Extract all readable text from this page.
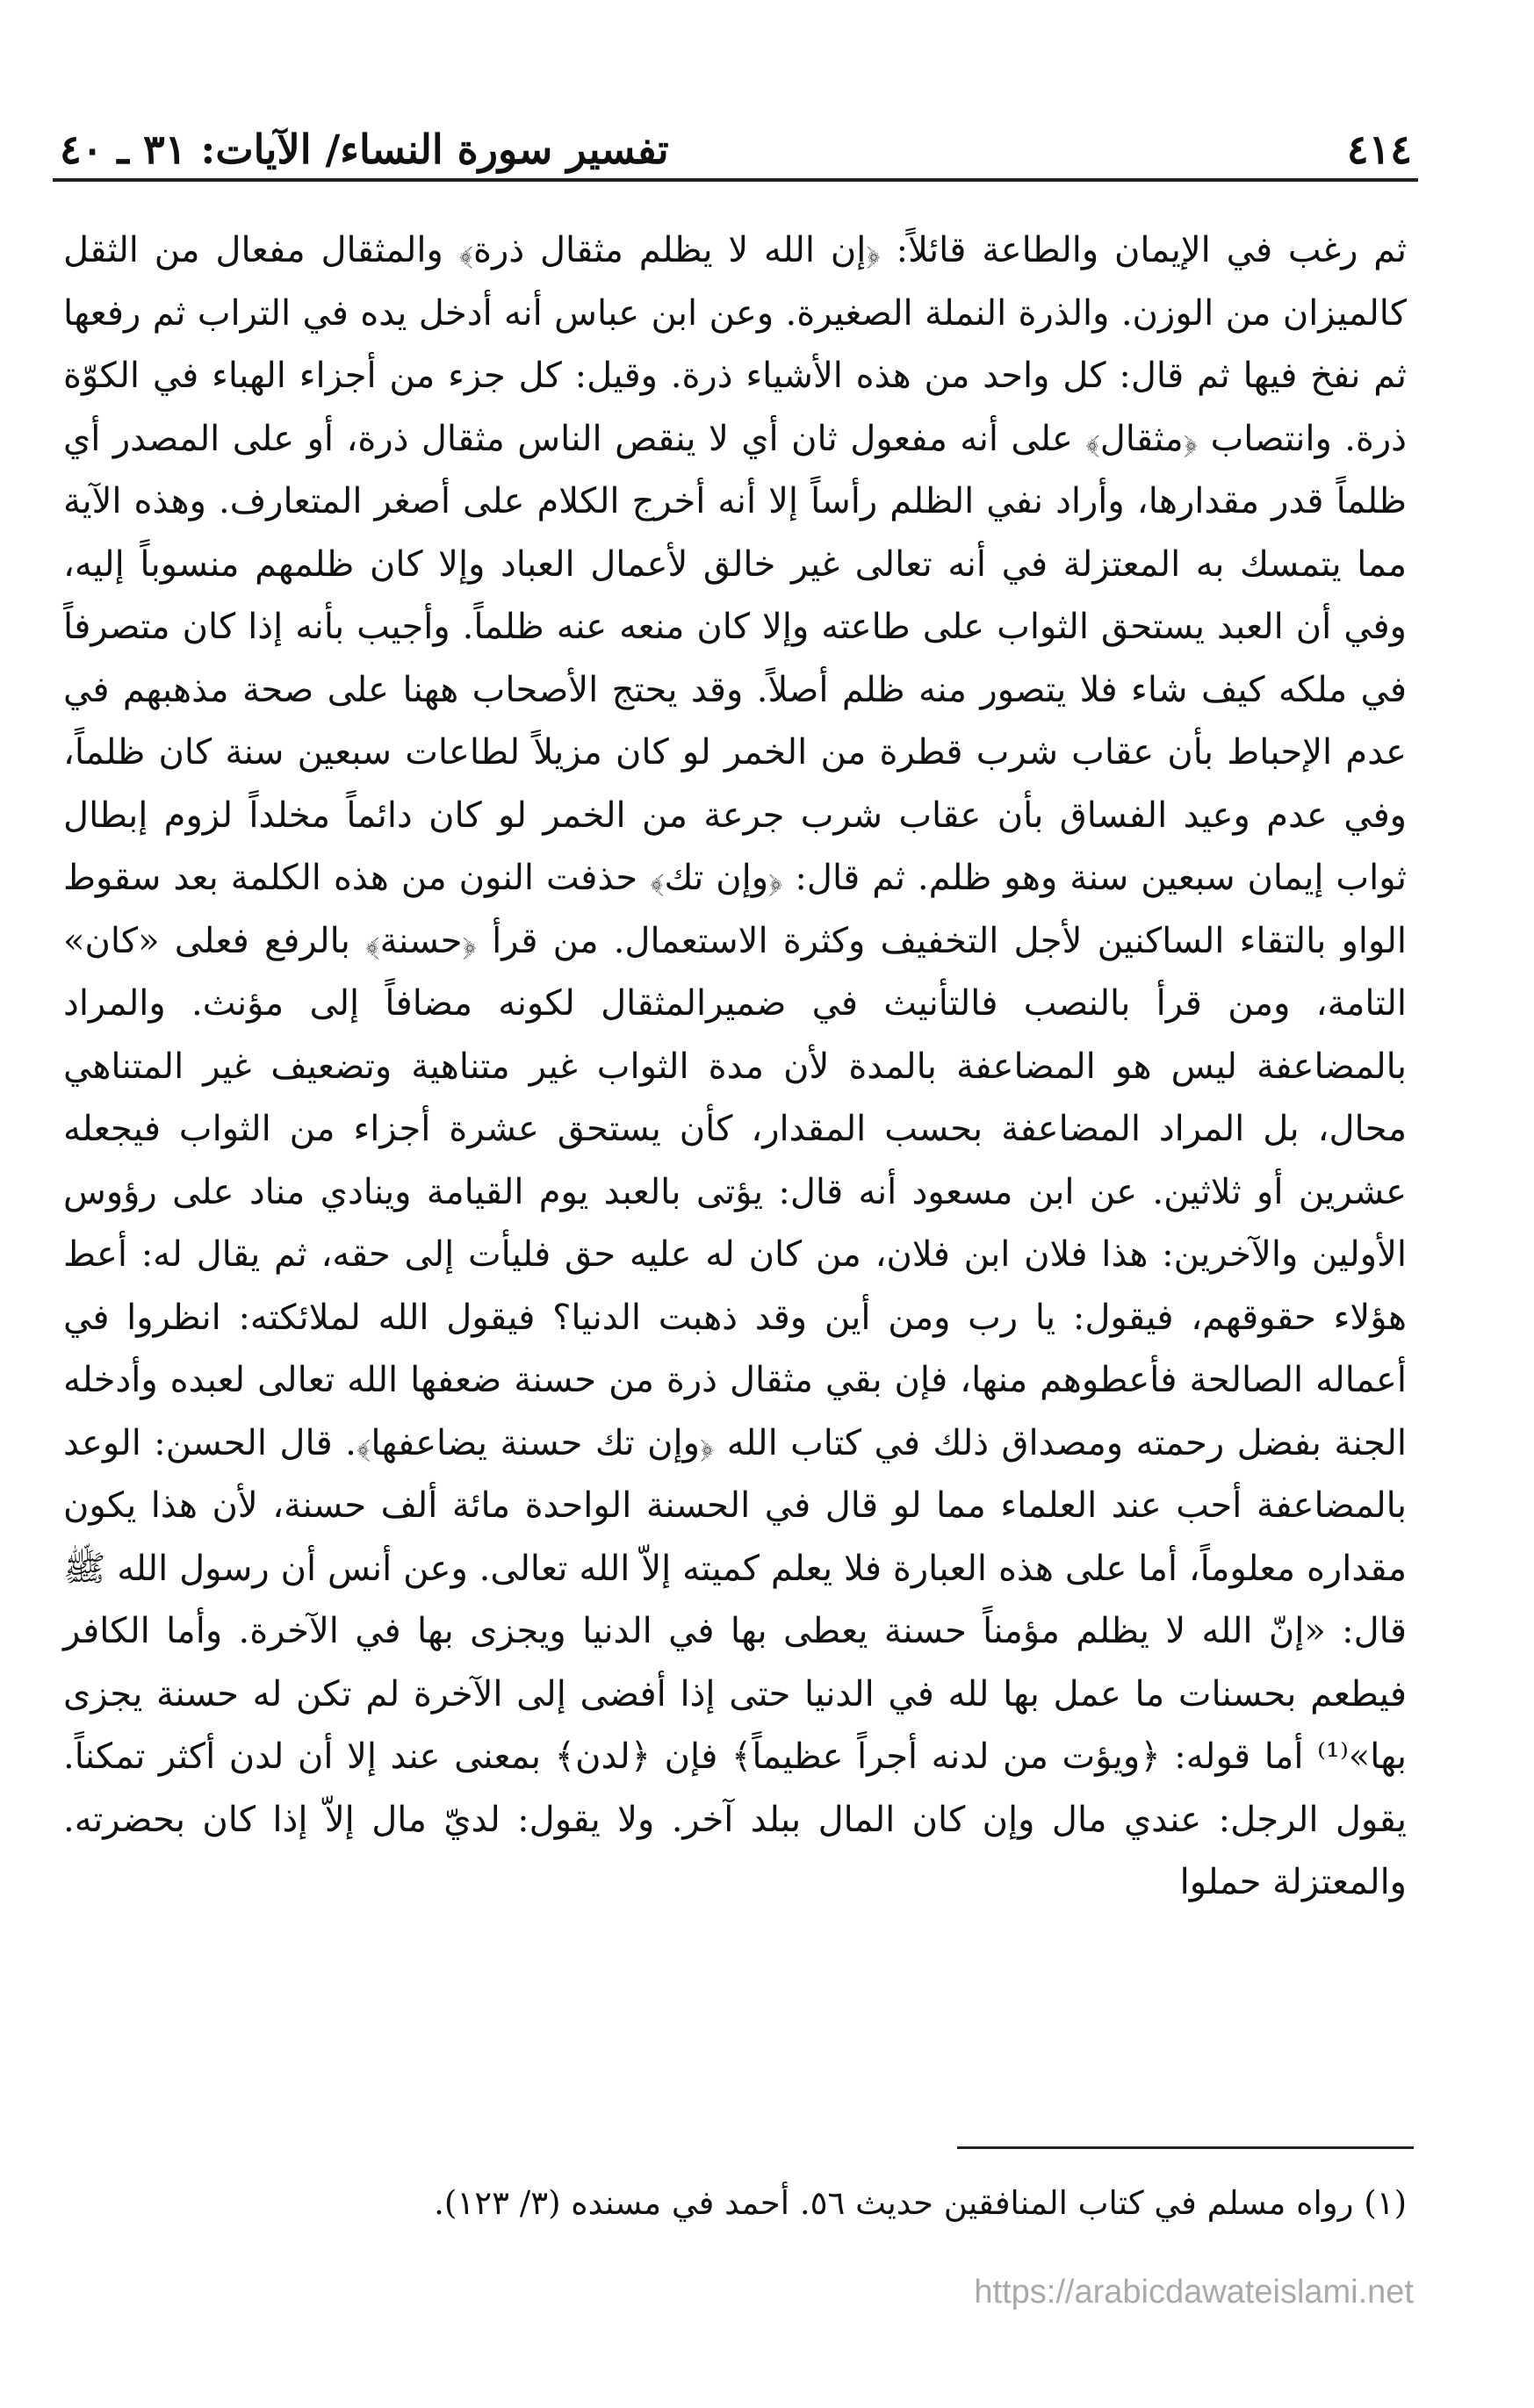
٤١٤
تفسير سورة النساء/ الآيات: ٣١ ـ ٤٠

ثم رغب في الإيمان والطاعة قائلاً: ﴿إن الله لا يظلم مثقال ذرة﴾ والمثقال مفعال من الثقل كالميزان من الوزن. والذرة النملة الصغيرة. وعن ابن عباس أنه أدخل يده في التراب ثم رفعها ثم نفخ فيها ثم قال: كل واحد من هذه الأشياء ذرة. وقيل: كل جزء من أجزاء الهباء في الكوّة ذرة. وانتصاب ﴿مثقال﴾ على أنه مفعول ثان أي لا ينقص الناس مثقال ذرة، أو على المصدر أي ظلماً قدر مقدارها، وأراد نفي الظلم رأساً إلا أنه أخرج الكلام على أصغر المتعارف. وهذه الآية مما يتمسك به المعتزلة في أنه تعالى غير خالق لأعمال العباد وإلا كان ظلمهم منسوباً إليه، وفي أن العبد يستحق الثواب على طاعته وإلا كان منعه عنه ظلماً. وأجيب بأنه إذا كان متصرفاً في ملكه كيف شاء فلا يتصور منه ظلم أصلاً. وقد يحتج الأصحاب ههنا على صحة مذهبهم في عدم الإحباط بأن عقاب شرب قطرة من الخمر لو كان مزيلاً لطاعات سبعين سنة كان ظلماً، وفي عدم وعيد الفساق بأن عقاب شرب جرعة من الخمر لو كان دائماً مخلداً لزوم إبطال ثواب إيمان سبعين سنة وهو ظلم. ثم قال: ﴿وإن تك﴾ حذفت النون من هذه الكلمة بعد سقوط الواو بالتقاء الساكنين لأجل التخفيف وكثرة الاستعمال. من قرأ ﴿حسنة﴾ بالرفع فعلى «كان» التامة، ومن قرأ بالنصب فالتأنيث في ضميرالمثقال لكونه مضافاً إلى مؤنث. والمراد بالمضاعفة ليس هو المضاعفة بالمدة لأن مدة الثواب غير متناهية وتضعيف غير المتناهي محال، بل المراد المضاعفة بحسب المقدار، كأن يستحق عشرة أجزاء من الثواب فيجعله عشرين أو ثلاثين. عن ابن مسعود أنه قال: يؤتى بالعبد يوم القيامة وينادي مناد على رؤوس الأولين والآخرين: هذا فلان ابن فلان، من كان له عليه حق فليأت إلى حقه، ثم يقال له: أعط هؤلاء حقوقهم، فيقول: يا رب ومن أين وقد ذهبت الدنيا؟ فيقول الله لملائكته: انظروا في أعماله الصالحة فأعطوهم منها، فإن بقي مثقال ذرة من حسنة ضعفها الله تعالى لعبده وأدخله الجنة بفضل رحمته ومصداق ذلك في كتاب الله ﴿وإن تك حسنة يضاعفها﴾. قال الحسن: الوعد بالمضاعفة أحب عند العلماء مما لو قال في الحسنة الواحدة مائة ألف حسنة، لأن هذا يكون مقداره معلوماً، أما على هذه العبارة فلا يعلم كميته إلاّ الله تعالى. وعن أنس أن رسول الله ﷺ قال: «إنّ الله لا يظلم مؤمناً حسنة يعطى بها في الدنيا ويجزى بها في الآخرة. وأما الكافر فيطعم بحسنات ما عمل بها لله في الدنيا حتى إذا أفضى إلى الآخرة لم تكن له حسنة يجزى بها»⁽¹⁾ أما قوله: ﴿ويؤت من لدنه أجراً عظيماً﴾ فإن ﴿لدن﴾ بمعنى عند إلا أن لدن أكثر تمكناً. يقول الرجل: عندي مال وإن كان المال ببلد آخر. ولا يقول: لديّ مال إلاّ إذا كان بحضرته. والمعتزلة حملوا

(١) رواه مسلم في كتاب المنافقين حديث ٥٦. أحمد في مسنده (٣/ ١٢٣).
https://arabicdawateislami.net
